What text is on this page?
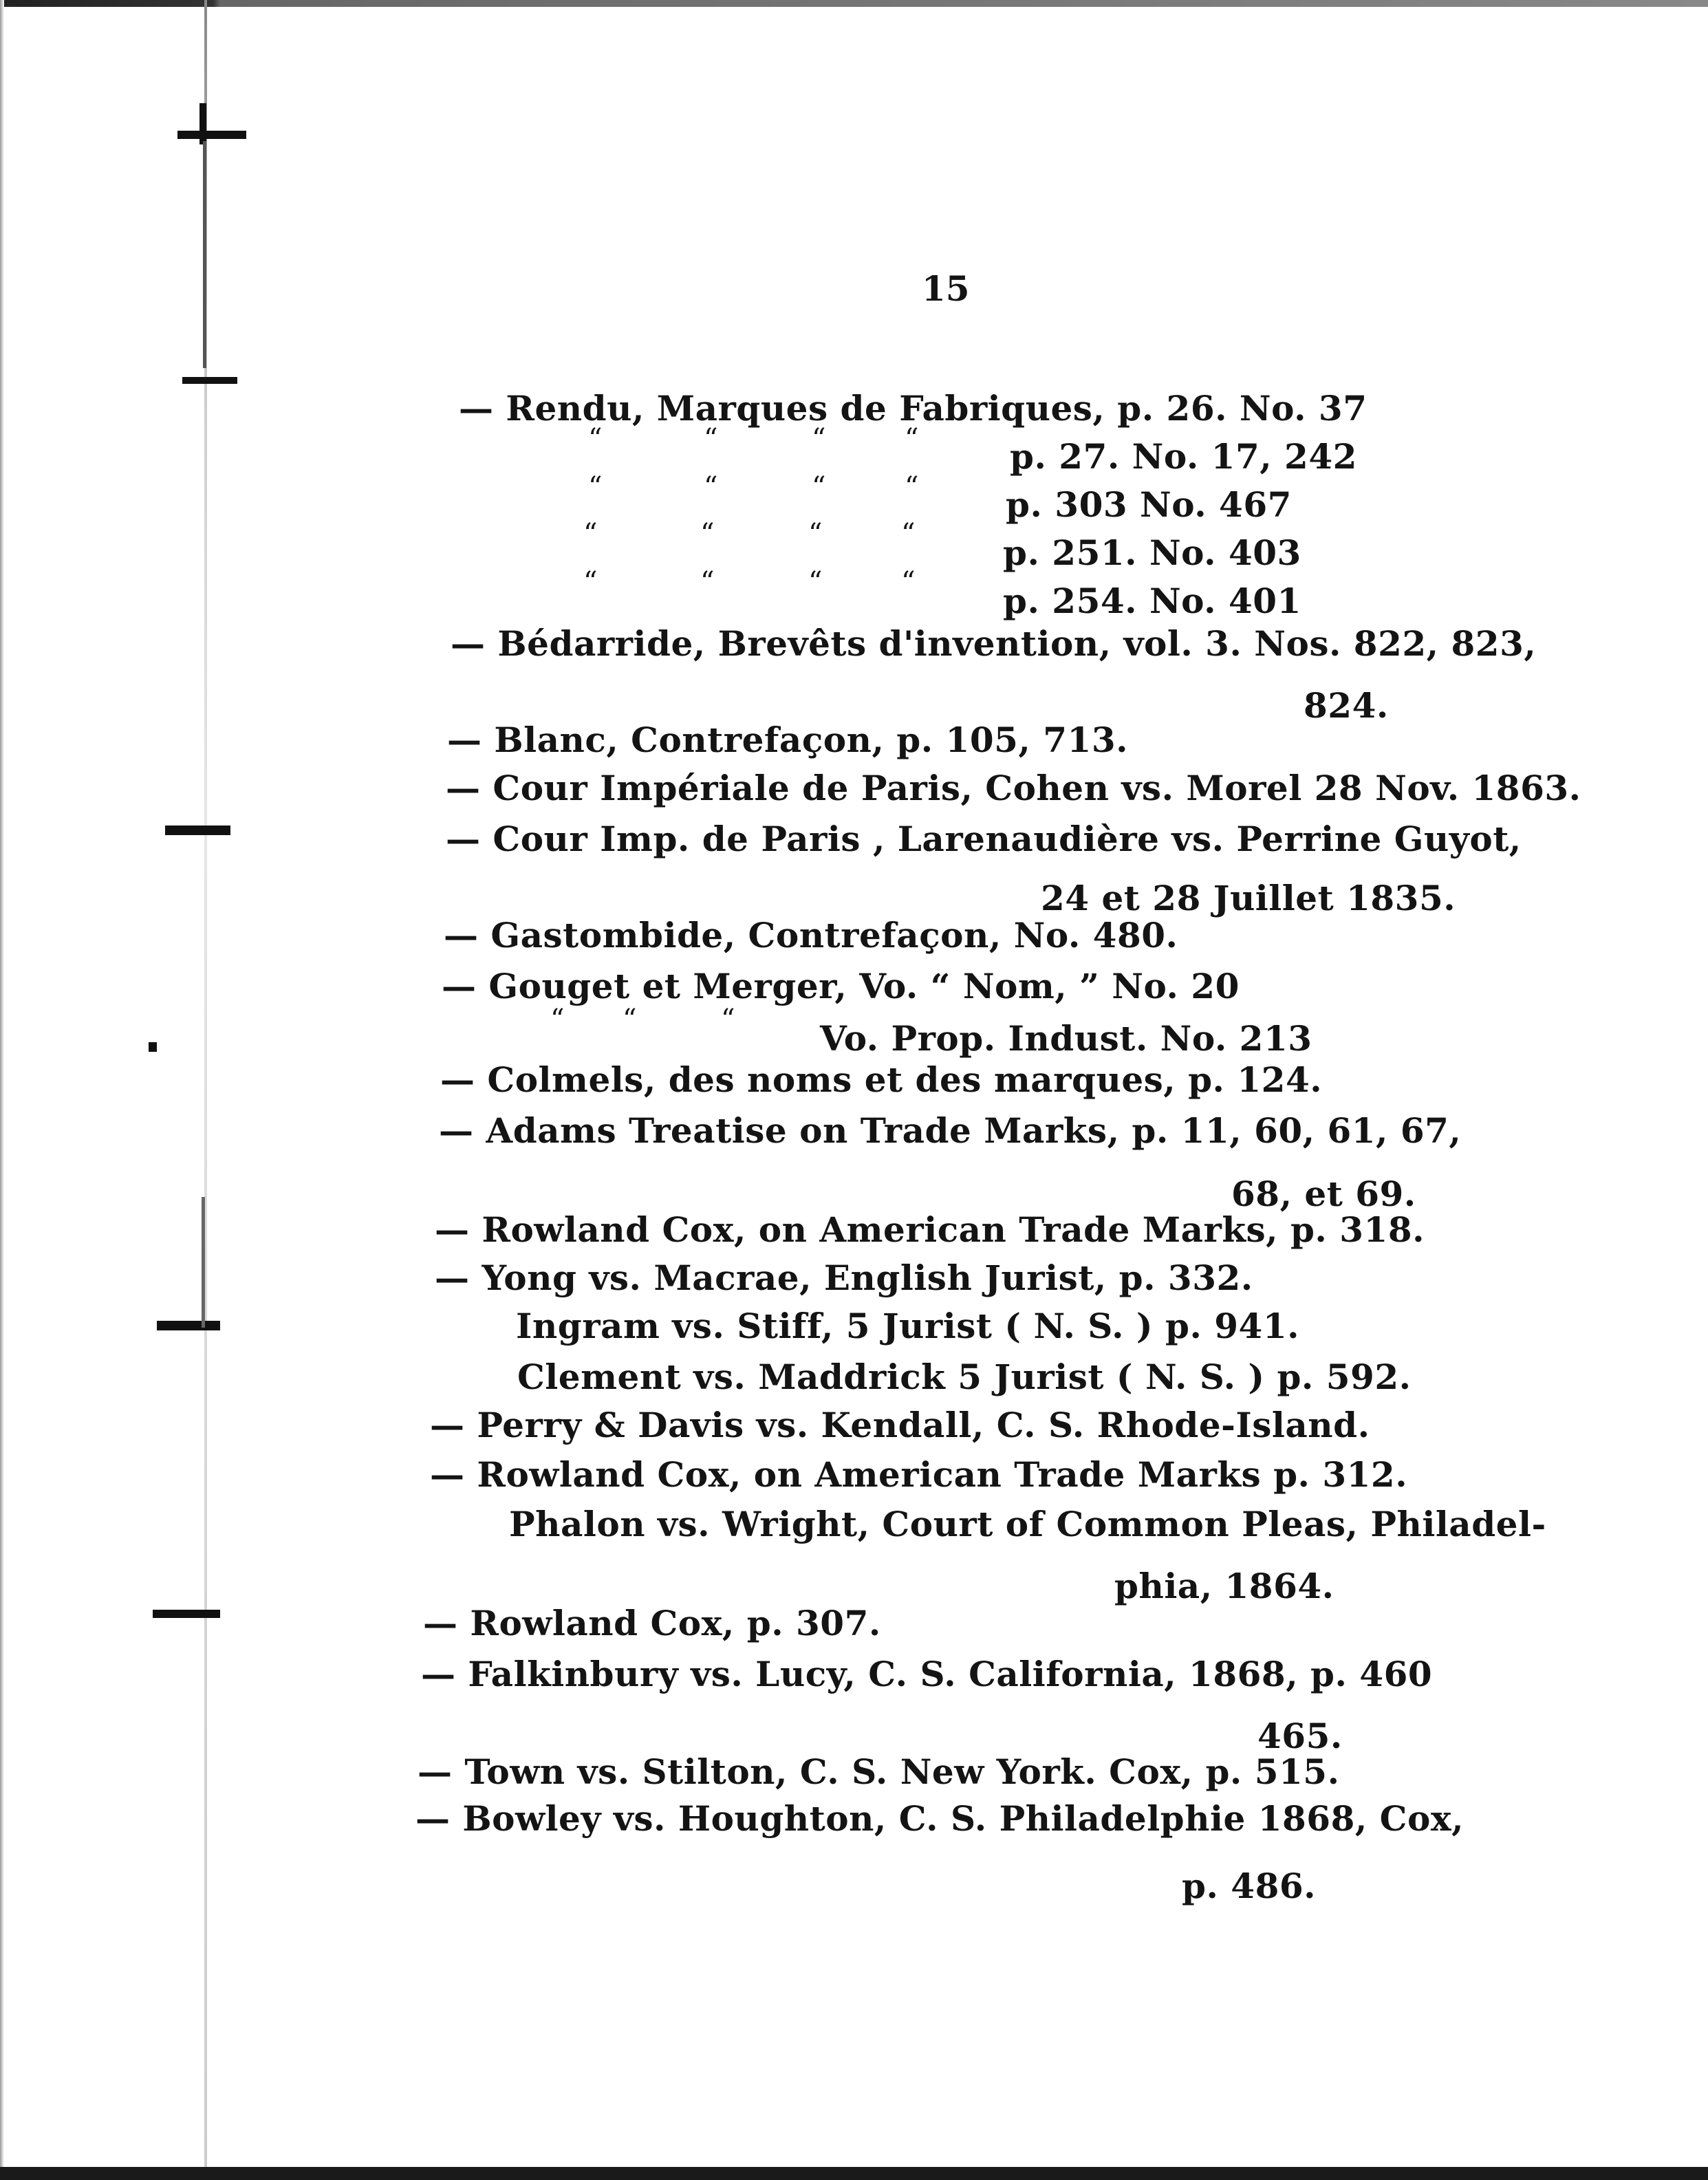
15
— Rendu, Marques de Fabriques, p. 26. No. 37
“	“	“	“	p. 27. No. 17, 242
“	“	“	“	p. 303 No. 467
“	“	“	“	p. 251. No. 403
“	“	“	“	p. 254. No. 401
— Bédarride, Brevêts d'invention, vol. 3. Nos. 822, 823,
824.
— Blanc, Contrefaçon, p. 105, 713.
— Cour Impériale de Paris, Cohen vs. Morel 28 Nov. 1863.
— Cour Imp. de Paris , Larenaudière vs. Perrine Guyot,
24 et 28 Juillet 1835.
— Gastombide, Contrefaçon, No. 480.
— Gouget et Merger, Vo. “ Nom, ” No. 20
“ “	“ Vo. Prop. Indust. No. 213
— Colmels, des noms et des marques, p. 124.
— Adams Treatise on Trade Marks, p. 11, 60, 61, 67,
68, et 69.
— Rowland Cox, on American Trade Marks, p. 318.
— Yong vs. Macrae, English Jurist, p. 332.
Ingram vs. Stiff, 5 Jurist ( N. S. ) p. 941.
Clement vs. Maddrick 5 Jurist ( N. S. ) p. 592.
— Perry & Davis vs. Kendall, C. S. Rhode-Island.
— Rowland Cox, on American Trade Marks p. 312.
Phalon vs. Wright, Court of Common Pleas, Philadel-
phia, 1864.
— Rowland Cox, p. 307.
— Falkinbury vs. Lucy, C. S. California, 1868, p. 460
465.
— Town vs. Stilton, C. S. New York. Cox, p. 515.
— Bowley vs. Houghton, C. S. Philadelphie 1868, Cox,
p. 486.
